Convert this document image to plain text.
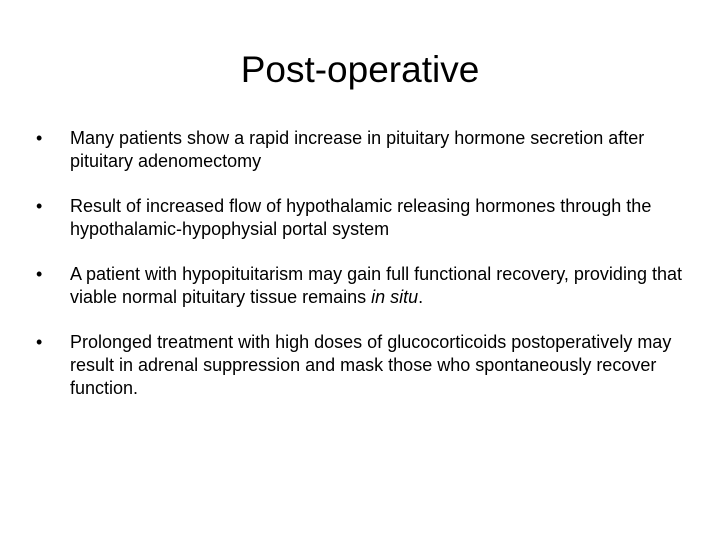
Post-operative
•	Many patients show a rapid increase in pituitary hormone secretion after pituitary adenomectomy
•	Result of increased flow of hypothalamic releasing hormones through the hypothalamic-hypophysial portal system
•	A patient with hypopituitarism may gain full functional recovery, providing that viable normal pituitary tissue remains in situ.
•	Prolonged treatment with high doses of glucocorticoids postoperatively may result in adrenal suppression and mask those who spontaneously recover function.
